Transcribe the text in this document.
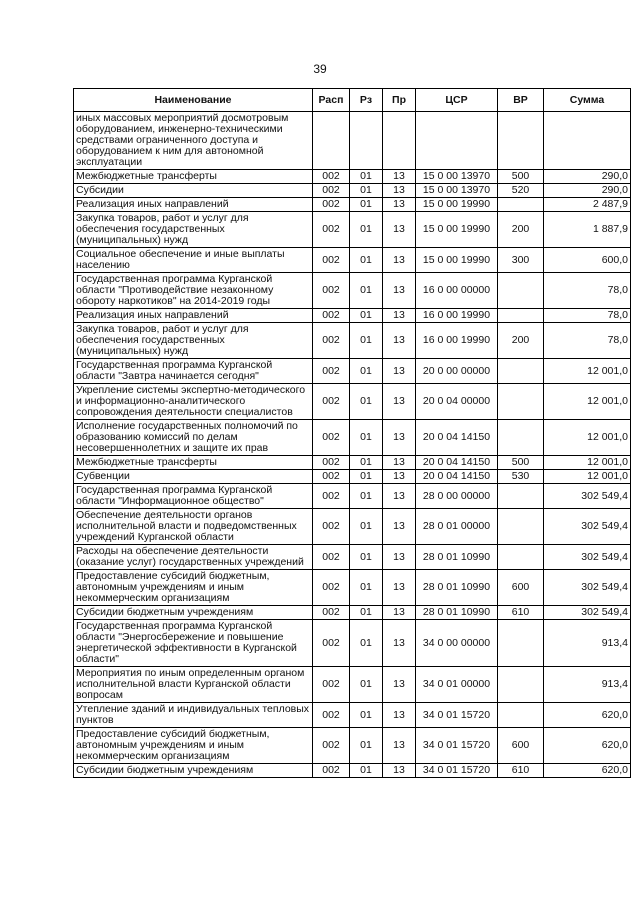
39
Наименование	Расп	Рз	Пр	ЦСР	ВР	Сумма
иных массовых мероприятий досмотровым оборудованием, инженерно-техническими средствами ограниченного доступа и оборудованием к ним для автономной эксплуатации						
Межбюджетные трансферты	002	01	13	15 0 00 13970	500	290,0
Субсидии	002	01	13	15 0 00 13970	520	290,0
Реализация иных направлений	002	01	13	15 0 00 19990		2 487,9
Закупка товаров, работ и услуг для обеспечения государственных (муниципальных) нужд	002	01	13	15 0 00 19990	200	1 887,9
Социальное обеспечение и иные выплаты населению	002	01	13	15 0 00 19990	300	600,0
Государственная программа Курганской области "Противодействие незаконному обороту наркотиков" на 2014-2019 годы	002	01	13	16 0 00 00000		78,0
Реализация иных направлений	002	01	13	16 0 00 19990		78,0
Закупка товаров, работ и услуг для обеспечения государственных (муниципальных) нужд	002	01	13	16 0 00 19990	200	78,0
Государственная программа Курганской области "Завтра начинается сегодня"	002	01	13	20 0 00 00000		12 001,0
Укрепление системы экспертно-методического и информационно-аналитического сопровождения деятельности специалистов	002	01	13	20 0 04 00000		12 001,0
Исполнение государственных полномочий по образованию комиссий по делам несовершеннолетних и защите их прав	002	01	13	20 0 04 14150		12 001,0
Межбюджетные трансферты	002	01	13	20 0 04 14150	500	12 001,0
Субвенции	002	01	13	20 0 04 14150	530	12 001,0
Государственная программа Курганской области "Информационное общество"	002	01	13	28 0 00 00000		302 549,4
Обеспечение деятельности органов исполнительной власти и подведомственных учреждений Курганской области	002	01	13	28 0 01 00000		302 549,4
Расходы на обеспечение деятельности (оказание услуг) государственных учреждений	002	01	13	28 0 01 10990		302 549,4
Предоставление субсидий бюджетным, автономным учреждениям и иным некоммерческим организациям	002	01	13	28 0 01 10990	600	302 549,4
Субсидии бюджетным учреждениям	002	01	13	28 0 01 10990	610	302 549,4
Государственная программа Курганской области "Энергосбережение и повышение энергетической эффективности в Курганской области"	002	01	13	34 0 00 00000		913,4
Мероприятия по иным определенным органом исполнительной власти Курганской области вопросам	002	01	13	34 0 01 00000		913,4
Утепление зданий и индивидуальных тепловых пунктов	002	01	13	34 0 01 15720		620,0
Предоставление субсидий бюджетным, автономным учреждениям и иным некоммерческим организациям	002	01	13	34 0 01 15720	600	620,0
Субсидии бюджетным учреждениям	002	01	13	34 0 01 15720	610	620,0
